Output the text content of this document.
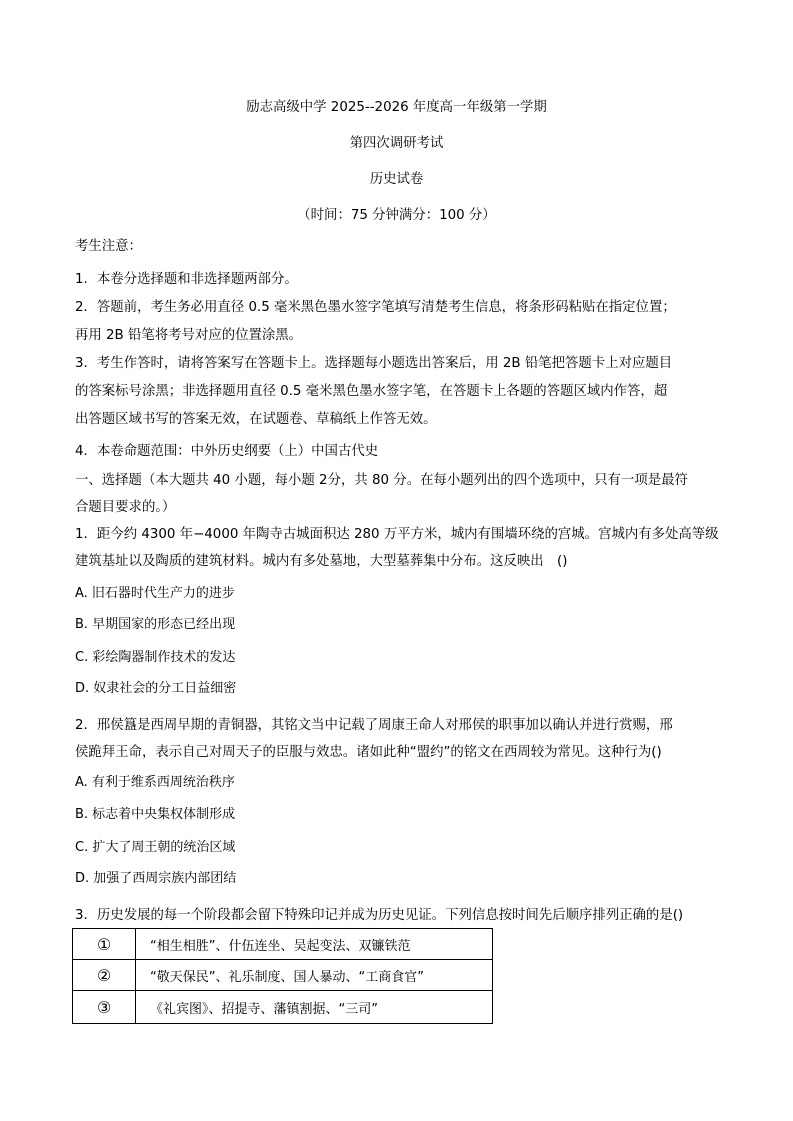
励志高级中学 2025--2026 年度高一年级第一学期
第四次调研考试
历史试卷
（时间：75 分钟满分：100 分）
考生注意：
1．本卷分选择题和非选择题两部分。
2．答题前，考生务必用直径 0.5 毫米黑色墨水签字笔填写清楚考生信息，将条形码粘贴在指定位置；
再用 2B 铅笔将考号对应的位置涂黑。
3．考生作答时，请将答案写在答题卡上。选择题每小题选出答案后，用 2B 铅笔把答题卡上对应题目
的答案标号涂黑；非选择题用直径 0.5 毫米黑色墨水签字笔，在答题卡上各题的答题区域内作答，超
出答题区域书写的答案无效，在试题卷、草稿纸上作答无效。
4．本卷命题范围：中外历史纲要（上）中国古代史
一、选择题（本大题共 40 小题，每小题 2分，共 80 分。在每小题列出的四个选项中，只有一项是最符
合题目要求的。）
1．距今约 4300 年−4000 年陶寺古城面积达 280 万平方米，城内有围墙环绕的宫城。宫城内有多处高等级
建筑基址以及陶质的建筑材料。城内有多处墓地，大型墓葬集中分布。这反映出　()
A. 旧石器时代生产力的进步
B. 早期国家的形态已经出现
C. 彩绘陶器制作技术的发达
D. 奴隶社会的分工日益细密
2．邢侯簋是西周早期的青铜器，其铭文当中记载了周康王命人对邢侯的职事加以确认并进行赏赐，邢
侯跪拜王命，表示自己对周天子的臣服与效忠。诸如此种“盟约”的铭文在西周较为常见。这种行为()
A. 有利于维系西周统治秩序
B. 标志着中央集权体制形成
C. 扩大了周王朝的统治区域
D. 加强了西周宗族内部团结
3．历史发展的每一个阶段都会留下特殊印记并成为历史见证。下列信息按时间先后顺序排列正确的是()
①	“相生相胜”、什伍连坐、吴起变法、双镰铁范
②	“敬天保民”、礼乐制度、国人暴动、“工商食官”
③	《礼宾图》、招提寺、藩镇割据、“三司”
